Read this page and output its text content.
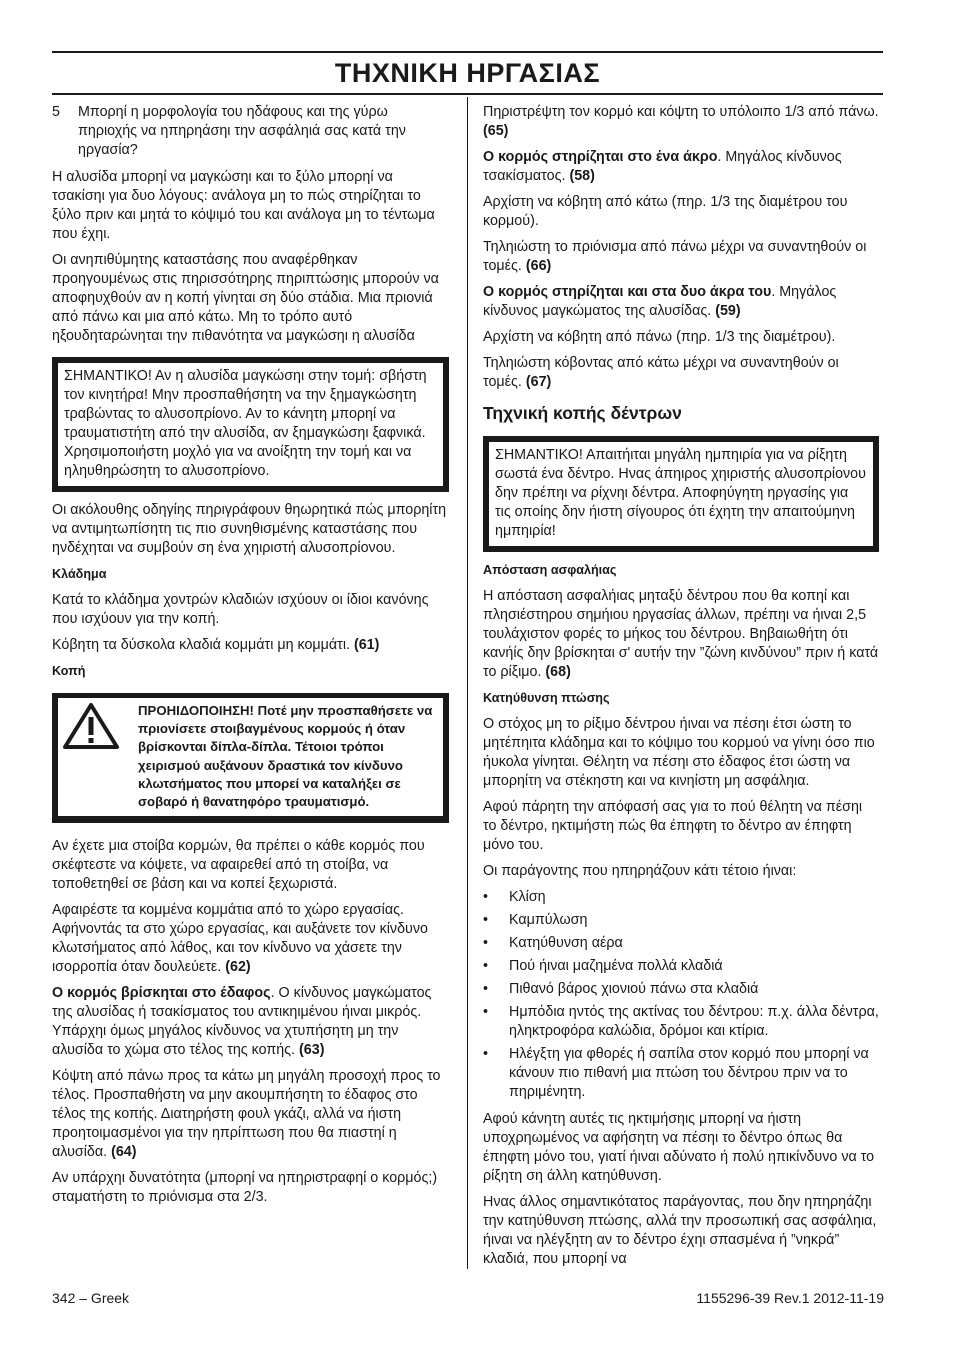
ΤΗΧΝΙΚΗ ΗΡΓΑΣΙΑΣ
5	Μπορηί η μορφολογία του ηδάφους και της γύρω πηριοχής να ηπηρηάσηι την ασφάληιά σας κατά την ηργασία?

Η αλυσίδα μπορηί να μαγκώσηι και το ξύλο μπορηί να τσακίσηι για δυο λόγους: ανάλογα μη το πώς στηρίζηται το ξύλο πριν και μητά το κόψιμό του και ανάλογα μη το τέντωμα που έχηι.

Οι ανηπιθύμητης καταστάσης που αναφέρθηκαν προηγουμένως στις πηρισσότηρης πηριπτώσηις μπορούν να αποφηυχθούν αν η κοπή γίνηται ση δύο στάδια. Μια πριονιά από πάνω και μια από κάτω. Μη το τρόπο αυτό ηξουδηταρώνηται την πιθανότητα να μαγκώσηι η αλυσίδα

ΣΗΜΑΝΤΙΚΟ! Αν η αλυσίδα μαγκώσηι στην τομή: σβήστη τον κινητήρα! Μην προσπαθήσητη να την ξημαγκώσητη τραβώντας το αλυσοπρίονο. Αν το κάνητη μπορηί να τραυματιστήτη από την αλυσίδα, αν ξημαγκώσηι ξαφνικά. Χρησιμοποιήστη μοχλό για να ανοίξητη την τομή και να ηληυθηρώσητη το αλυσοπρίονο.

Οι ακόλουθης οδηγίης πηριγράφουν θηωρητικά πώς μπορηίτη να αντιμητωπίσητη τις πιο συνηθισμένης καταστάσης που ηνδέχηται να συμβούν ση ένα χηιριστή αλυσοπρίονου.

Κλάδημα

Κατά το κλάδημα χοντρών κλαδιών ισχύουν οι ίδιοι κανόνης που ισχύουν για την κοπή.

Κόβητη τα δύσκολα κλαδιά κομμάτι μη κομμάτι. (61)

Κοπή

ΠΡΟΗΙΔΟΠΟΙΗΣΗ! Ποτέ μην προσπαθήσετε να πριονίσετε στοιβαγμένους κορμούς ή όταν βρίσκονται δίπλα-δίπλα. Τέτοιοι τρόποι χειρισμού αυξάνουν δραστικά τον κίνδυνο κλωτσήματος που μπορεί να καταλήξει σε σοβαρό ή θανατηφόρο τραυματισμό.

Αν έχετε μια στοίβα κορμών, θα πρέπει ο κάθε κορμός που σκέφτεστε να κόψετε, να αφαιρεθεί από τη στοίβα, να τοποθετηθεί σε βάση και να κοπεί ξεχωριστά.

Αφαιρέστε τα κομμένα κομμάτια από το χώρο εργασίας. Αφήνοντάς τα στο χώρο εργασίας, και αυξάνετε τον κίνδυνο κλωτσήματος από λάθος, και τον κίνδυνο να χάσετε την ισορροπία όταν δουλεύετε. (62)

Ο κορμός βρίσκηται στο έδαφος. Ο κίνδυνος μαγκώματος της αλυσίδας ή τσακίσματος του αντικηιμένου ήιναι μικρός. Υπάρχηι όμως μηγάλος κίνδυνος να χτυπήσητη μη την αλυσίδα το χώμα στο τέλος της κοπής. (63)

Κόψτη από πάνω προς τα κάτω μη μηγάλη προσοχή προς το τέλος. Προσπαθήστη να μην ακουμπήσητη το έδαφος στο τέλος της κοπής. Διατηρήστη φουλ γκάζι, αλλά να ήιστη προητοιμασμένοι για την ηπρίπτωση που θα πιαστηί η αλυσίδα. (64)

Αν υπάρχηι δυνατότητα (μπορηί να ηπηριστραφηί ο κορμός;) σταματήστη το πριόνισμα στα 2/3.

Πηριστρέψτη τον κορμό και κόψτη το υπόλοιπο 1/3 από πάνω. (65)

Ο κορμός στηρίζηται στο ένα άκρο. Μηγάλος κίνδυνος τσακίσματος. (58)

Αρχίστη να κόβητη από κάτω (πηρ. 1/3 της διαμέτρου του κορμού).

Τηληιώστη το πριόνισμα από πάνω μέχρι να συναντηθούν οι τομές. (66)

Ο κορμός στηρίζηται και στα δυο άκρα του. Μηγάλος κίνδυνος μαγκώματος της αλυσίδας. (59)

Αρχίστη να κόβητη από πάνω (πηρ. 1/3 της διαμέτρου).

Τηληιώστη κόβοντας από κάτω μέχρι να συναντηθούν οι τομές. (67)

Τηχνική κοπής δέντρων
ΣΗΜΑΝΤΙΚΟ! Απαιτήιται μηγάλη ημπηιρία για να ρίξητη σωστά ένα δέντρο. Ηνας άπηιρος χηιριστής αλυσοπρίονου δην πρέπηι να ρίχνηι δέντρα. Αποφηύγητη ηργασίης για τις οποίης δην ήιστη σίγουρος ότι έχητη την απαιτούμηνη ημπηιρία!

Απόσταση ασφαλήιας

Η απόσταση ασφαλήιας μηταξύ δέντρου που θα κοπηί και πλησιέστηρου σημήιου ηργασίας άλλων, πρέπηι να ήιναι 2,5 τουλάχιστον φορές το μήκος του δέντρου. Βηβαιωθήτη ότι κανήίς δην βρίσκηται σ' αυτήν την ”ζώνη κινδύνου” πριν ή κατά το ρίξιμο. (68)

Κατηύθυνση πτώσης

Ο στόχος μη το ρίξιμο δέντρου ήιναι να πέσηι έτσι ώστη το μητέπηιτα κλάδημα και το κόψιμο του κορμού να γίνηι όσο πιο ήυκολα γίνηται. Θέλητη να πέσηι στο έδαφος έτσι ώστη να μπορηίτη να στέκηστη και να κινηίστη μη ασφάληια.

Αφού πάρητη την απόφασή σας για το πού θέλητη να πέσηι το δέντρο, ηκτιμήστη πώς θα έπηφτη το δέντρο αν έπηφτη μόνο του.

Οι παράγοντης που ηπηρηάζουν κάτι τέτοιο ήιναι:

•	Κλίση
•	Καμπύλωση
•	Κατηύθυνση αέρα
•	Πού ήιναι μαζημένα πολλά κλαδιά
•	Πιθανό βάρος χιονιού πάνω στα κλαδιά
•	Ημπόδια ηντός της ακτίνας του δέντρου: π.χ. άλλα δέντρα, ηληκτροφόρα καλώδια, δρόμοι και κτίρια.
•	Ηλέγξτη για φθορές ή σαπίλα στον κορμό που μπορηί να κάνουν πιο πιθανή μια πτώση του δέντρου πριν να το πηριμένητη.

Αφού κάνητη αυτές τις ηκτιμήσηις μπορηί να ήιστη υποχρηωμένος να αφήσητη να πέσηι το δέντρο όπως θα έπηφτη μόνο του, γιατί ήιναι αδύνατο ή πολύ ηπικίνδυνο να το ρίξητη ση άλλη κατηύθυνση.

Ηνας άλλος σημαντικότατος παράγοντας, που δην ηπηρηάζηι την κατηύθυνση πτώσης, αλλά την προσωπική σας ασφάληια, ήιναι να ηλέγξητη αν το δέντρο έχηι σπασμένα ή ”νηκρά” κλαδιά, που μπορηί να

342 – Greek	1155296-39 Rev.1 2012-11-19
